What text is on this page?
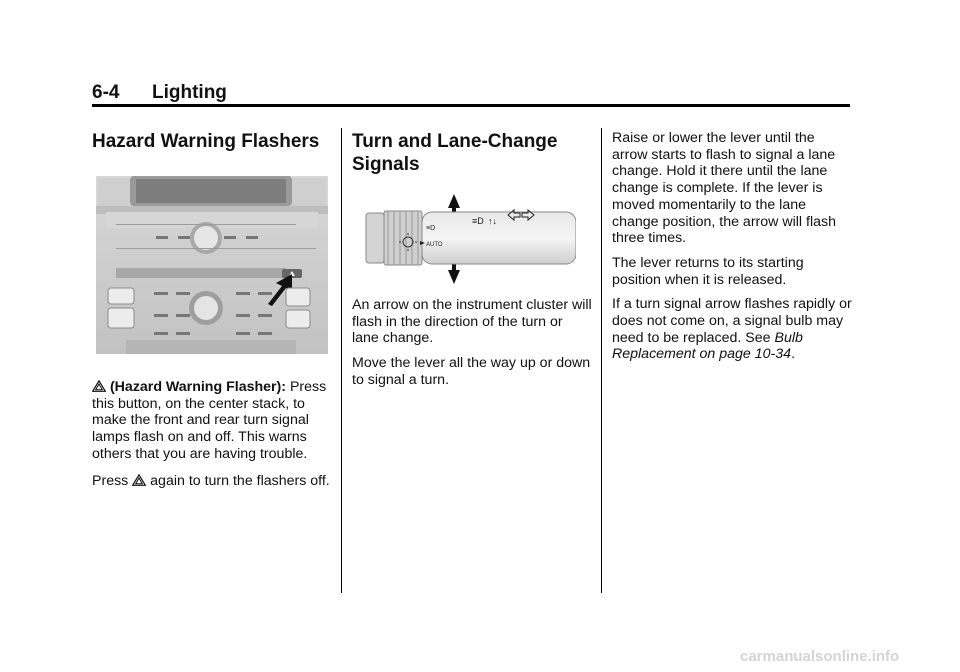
6-4 Lighting
Hazard Warning Flashers

(Hazard Warning Flasher): Press this button, on the center stack, to make the front and rear turn signal lamps flash on and off. This warns others that you are having trouble.

Press again to turn the flashers off.

Turn and Lane-Change Signals
AUTO
≡D
≡D ↑↓

An arrow on the instrument cluster will flash in the direction of the turn or lane change.

Move the lever all the way up or down to signal a turn.

Raise or lower the lever until the arrow starts to flash to signal a lane change. Hold it there until the lane change is complete. If the lever is moved momentarily to the lane change position, the arrow will flash three times.

The lever returns to its starting position when it is released.

If a turn signal arrow flashes rapidly or does not come on, a signal bulb may need to be replaced. See Bulb Replacement on page 10-34.

carmanualsonline.info
